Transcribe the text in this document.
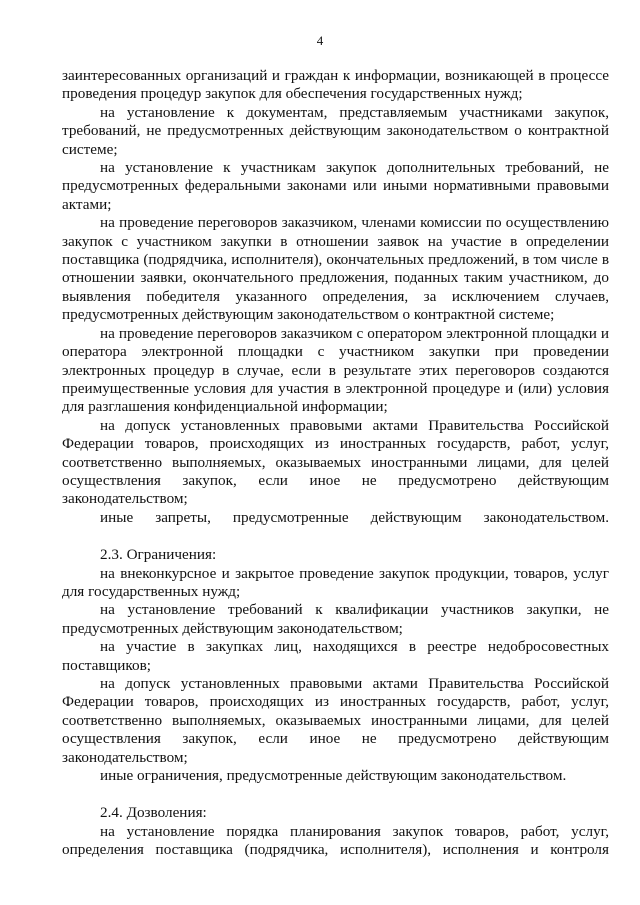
4

заинтересованных организаций и граждан к информации, возникающей в процессе проведения процедур закупок для обеспечения государственных нужд;

на установление к документам, представляемым участниками закупок, требований, не предусмотренных действующим законодательством о контрактной системе;

на установление к участникам закупок дополнительных требований, не предусмотренных федеральными законами или иными нормативными правовыми актами;

на проведение переговоров заказчиком, членами комиссии по осуществлению закупок с участником закупки в отношении заявок на участие в определении поставщика (подрядчика, исполнителя), окончательных предложений, в том числе в отношении заявки, окончательного предложения, поданных таким участником, до выявления победителя указанного определения, за исключением случаев, предусмотренных действующим законодательством о контрактной системе;

на проведение переговоров заказчиком с оператором электронной площадки и оператора электронной площадки с участником закупки при проведении электронных процедур в случае, если в результате этих переговоров создаются преимущественные условия для участия в электронной процедуре и (или) условия для разглашения конфиденциальной информации;

на допуск установленных правовыми актами Правительства Российской Федерации товаров, происходящих из иностранных государств, работ, услуг, соответственно выполняемых, оказываемых иностранными лицами, для целей осуществления закупок, если иное не предусмотрено действующим законодательством;

иные запреты, предусмотренные действующим законодательством.

2.3. Ограничения:

на внеконкурсное и закрытое проведение закупок продукции, товаров, услуг для государственных нужд;

на установление требований к квалификации участников закупки, не предусмотренных действующим законодательством;

на участие в закупках лиц, находящихся в реестре недобросовестных поставщиков;

на допуск установленных правовыми актами Правительства Российской Федерации товаров, происходящих из иностранных государств, работ, услуг, соответственно выполняемых, оказываемых иностранными лицами, для целей осуществления закупок, если иное не предусмотрено действующим законодательством;

иные ограничения, предусмотренные действующим законодательством.

2.4. Дозволения:

на установление порядка планирования закупок товаров, работ, услуг, определения поставщика (подрядчика, исполнителя), исполнения и контроля
